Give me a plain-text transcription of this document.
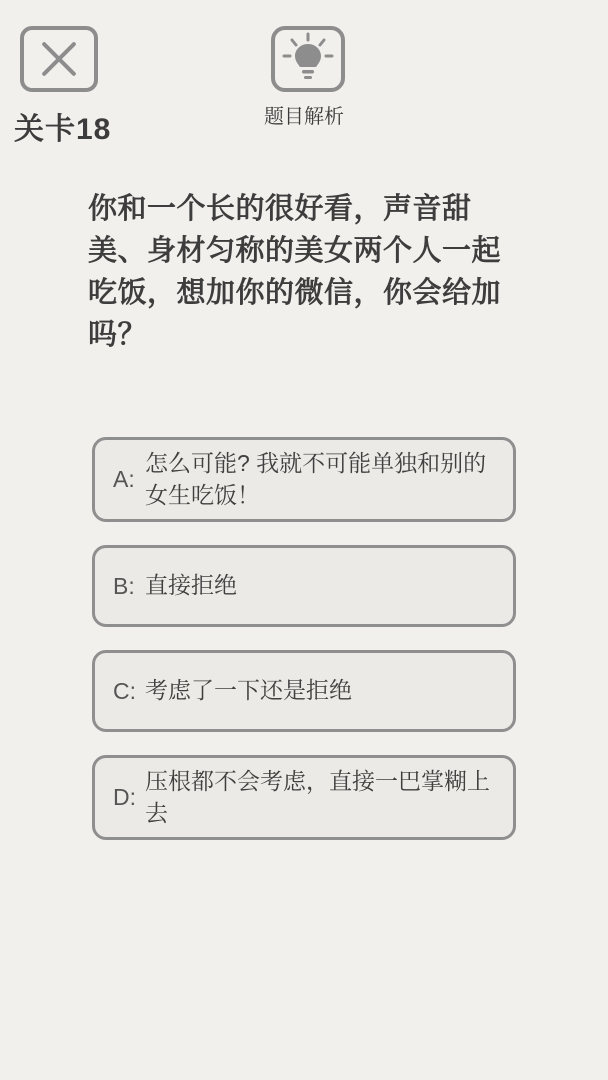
关卡18	题目解析
你和一个长的很好看，声音甜美、身材匀称的美女两个人一起吃饭，想加你的微信，你会给加吗？
A:
怎么可能? 我就不可能单独和别的女生吃饭！
B: 直接拒绝
C: 考虑了一下还是拒绝
D:
压根都不会考虑，直接一巴掌糊上去
